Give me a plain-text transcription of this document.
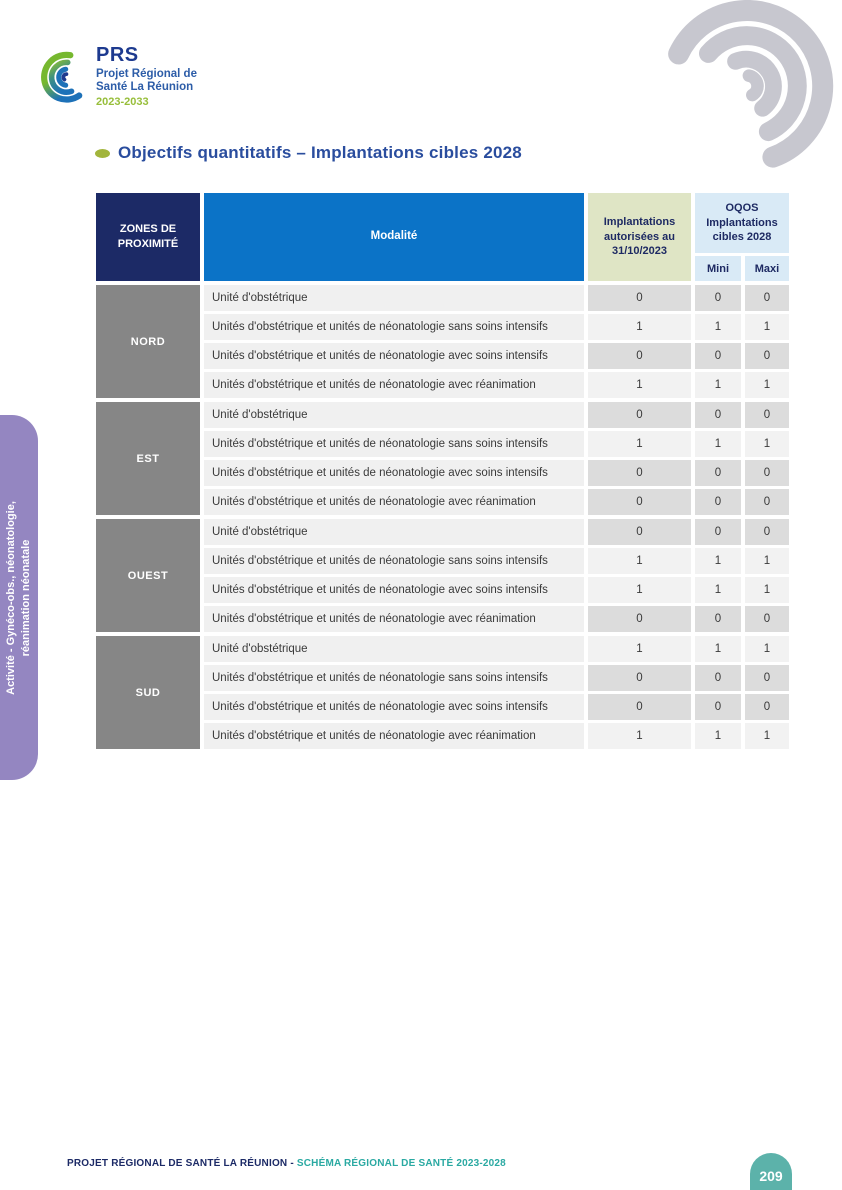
PRS
Projet Régional de
Santé La Réunion
2023-2033
Activité - Gynéco-obs., néonatologie, réanimation néonatale
Objectifs quantitatifs – Implantations cibles 2028
ZONES DE PROXIMITÉ
Modalité
Implantations autorisées au 31/10/2023
OQOS Implantations cibles 2028
Mini	Maxi
NORD
Unité d'obstétrique	0	0	0
Unités d'obstétrique et unités de néonatologie sans soins intensifs	1	1	1
Unités d'obstétrique et unités de néonatologie avec soins intensifs	0	0	0
Unités d'obstétrique et unités de néonatologie avec réanimation	1	1	1
EST
Unité d'obstétrique	0	0	0
Unités d'obstétrique et unités de néonatologie sans soins intensifs	1	1	1
Unités d'obstétrique et unités de néonatologie avec soins intensifs	0	0	0
Unités d'obstétrique et unités de néonatologie avec réanimation	0	0	0
OUEST
Unité d'obstétrique	0	0	0
Unités d'obstétrique et unités de néonatologie sans soins intensifs	1	1	1
Unités d'obstétrique et unités de néonatologie avec soins intensifs	1	1	1
Unités d'obstétrique et unités de néonatologie avec réanimation	0	0	0
SUD
Unité d'obstétrique	1	1	1
Unités d'obstétrique et unités de néonatologie sans soins intensifs	0	0	0
Unités d'obstétrique et unités de néonatologie avec soins intensifs	0	0	0
Unités d'obstétrique et unités de néonatologie avec réanimation	1	1	1
PROJET RÉGIONAL DE SANTÉ LA RÉUNION - SCHÉMA RÉGIONAL DE SANTÉ 2023-2028
209
